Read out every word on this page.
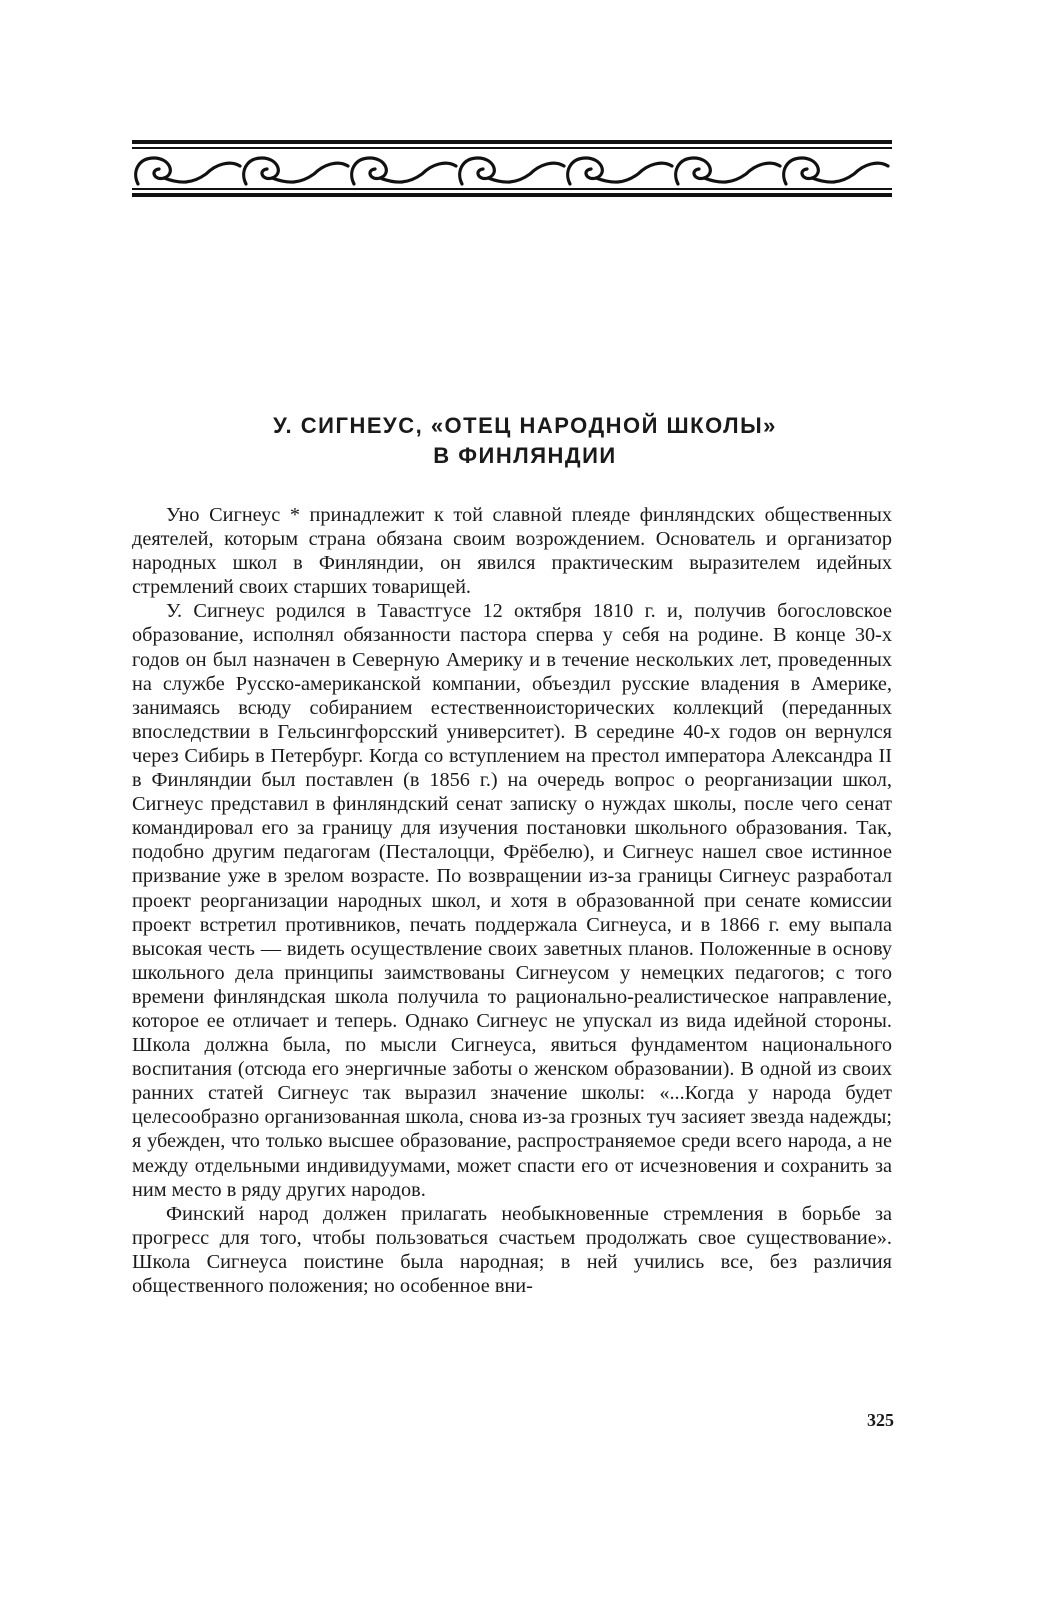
У. СИГНЕУС, «ОТЕЦ НАРОДНОЙ ШКОЛЫ»
В ФИНЛЯНДИИ

Уно Сигнеус * принадлежит к той славной плеяде финляндских общественных деятелей, которым страна обязана своим возрождением. Основатель и организатор народных школ в Финляндии, он явился практическим выразителем идейных стремлений своих старших товарищей.

У. Сигнеус родился в Тавастгусе 12 октября 1810 г. и, получив богословское образование, исполнял обязанности пастора сперва у себя на родине. В конце 30-х годов он был назначен в Северную Америку и в течение нескольких лет, проведенных на службе Русско-американской компании, объездил русские владения в Америке, занимаясь всюду собиранием естественноисторических коллекций (переданных впоследствии в Гельсингфорсский университет). В середине 40-х годов он вернулся через Сибирь в Петербург. Когда со вступлением на престол императора Александра II в Финляндии был поставлен (в 1856 г.) на очередь вопрос о реорганизации школ, Сигнеус представил в финляндский сенат записку о нуждах школы, после чего сенат командировал его за границу для изучения постановки школьного образования. Так, подобно другим педагогам (Песталоцци, Фрёбелю), и Сигнеус нашел свое истинное призвание уже в зрелом возрасте. По возвращении из-за границы Сигнеус разработал проект реорганизации народных школ, и хотя в образованной при сенате комиссии проект встретил противников, печать поддержала Сигнеуса, и в 1866 г. ему выпала высокая честь — видеть осуществление своих заветных планов. Положенные в основу школьного дела принципы заимствованы Сигнеусом у немецких педагогов; с того времени финляндская школа получила то рационально-реалистическое направление, которое ее отличает и теперь. Однако Сигнеус не упускал из вида идейной стороны. Школа должна была, по мысли Сигнеуса, явиться фундаментом национального воспитания (отсюда его энергичные заботы о женском образовании). В одной из своих ранних статей Сигнеус так выразил значение школы: «...Когда у народа будет целесообразно организованная школа, снова из-за грозных туч засияет звезда надежды; я убежден, что только высшее образование, распространяемое среди всего народа, а не между отдельными индивидуумами, может спасти его от исчезновения и сохранить за ним место в ряду других народов.

Финский народ должен прилагать необыкновенные стремления в борьбе за прогресс для того, чтобы пользоваться счастьем продолжать свое существование». Школа Сигнеуса поистине была народная; в ней учились все, без различия общественного положения; но особенное вни-

325
